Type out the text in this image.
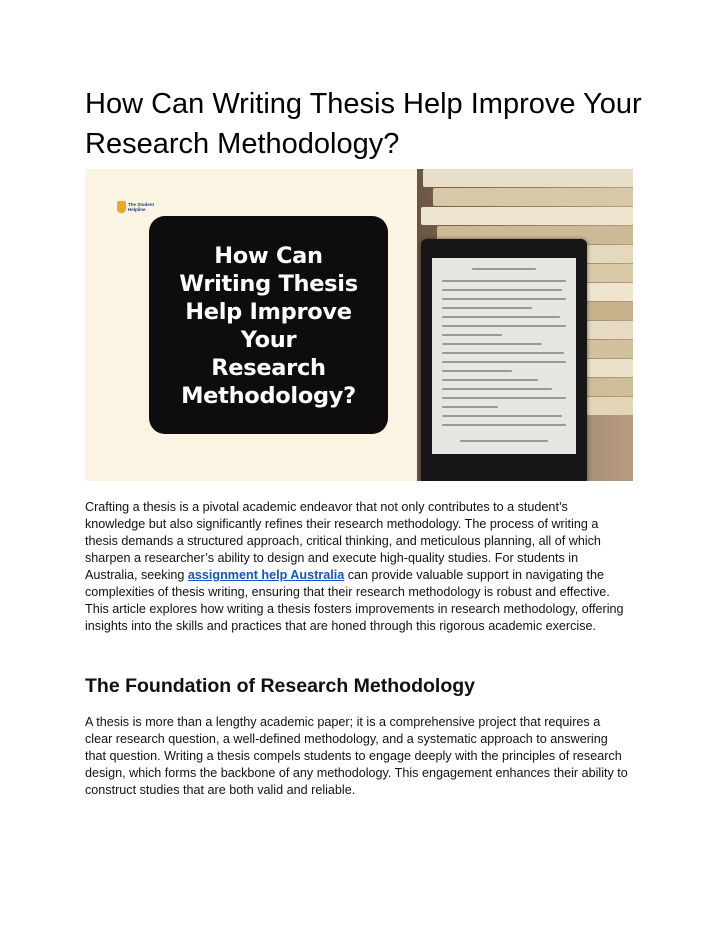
How Can Writing Thesis Help Improve Your Research Methodology?
The Student Helpline
How Can
Writing Thesis
Help Improve
Your
Research
Methodology?

Crafting a thesis is a pivotal academic endeavor that not only contributes to a student’s knowledge but also significantly refines their research methodology. The process of writing a thesis demands a structured approach, critical thinking, and meticulous planning, all of which sharpen a researcher’s ability to design and execute high-quality studies. For students in Australia, seeking assignment help Australia can provide valuable support in navigating the complexities of thesis writing, ensuring that their research methodology is robust and effective. This article explores how writing a thesis fosters improvements in research methodology, offering insights into the skills and practices that are honed through this rigorous academic exercise.

The Foundation of Research Methodology

A thesis is more than a lengthy academic paper; it is a comprehensive project that requires a clear research question, a well-defined methodology, and a systematic approach to answering that question. Writing a thesis compels students to engage deeply with the principles of research design, which forms the backbone of any methodology. This engagement enhances their ability to construct studies that are both valid and reliable.
